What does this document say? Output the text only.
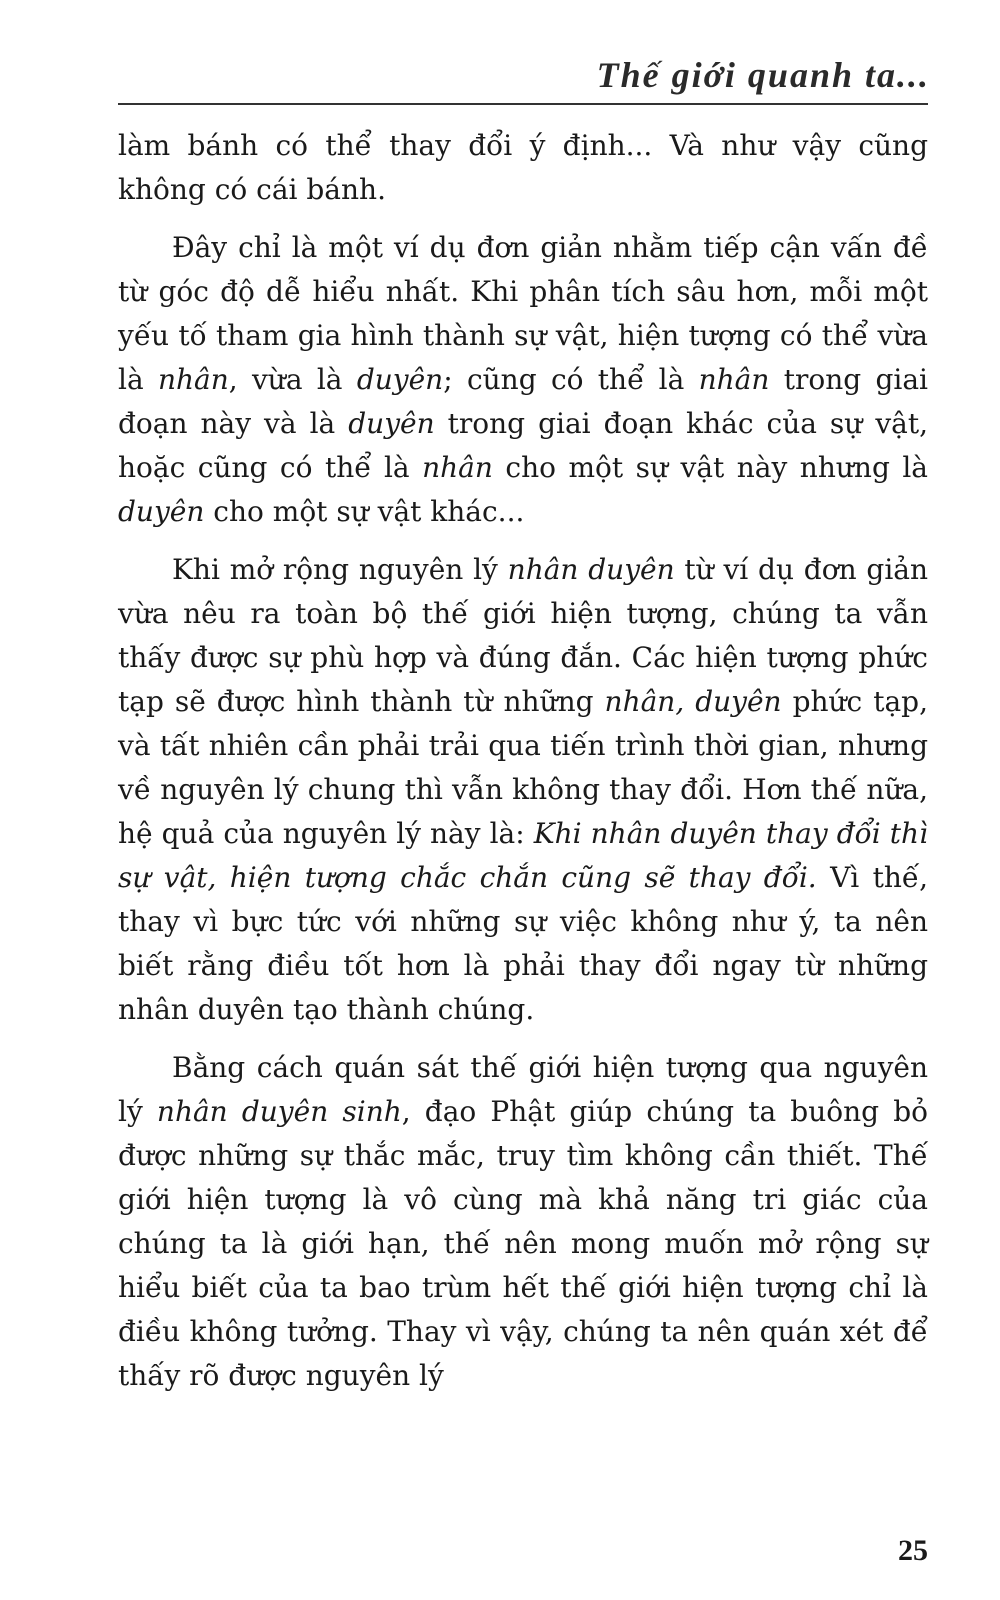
Thế giới quanh ta...

làm bánh có thể thay đổi ý định... Và như vậy cũng không có cái bánh.

Đây chỉ là một ví dụ đơn giản nhằm tiếp cận vấn đề từ góc độ dễ hiểu nhất. Khi phân tích sâu hơn, mỗi một yếu tố tham gia hình thành sự vật, hiện tượng có thể vừa là nhân, vừa là duyên; cũng có thể là nhân trong giai đoạn này và là duyên trong giai đoạn khác của sự vật, hoặc cũng có thể là nhân cho một sự vật này nhưng là duyên cho một sự vật khác...

Khi mở rộng nguyên lý nhân duyên từ ví dụ đơn giản vừa nêu ra toàn bộ thế giới hiện tượng, chúng ta vẫn thấy được sự phù hợp và đúng đắn. Các hiện tượng phức tạp sẽ được hình thành từ những nhân, duyên phức tạp, và tất nhiên cần phải trải qua tiến trình thời gian, nhưng về nguyên lý chung thì vẫn không thay đổi. Hơn thế nữa, hệ quả của nguyên lý này là: Khi nhân duyên thay đổi thì sự vật, hiện tượng chắc chắn cũng sẽ thay đổi. Vì thế, thay vì bực tức với những sự việc không như ý, ta nên biết rằng điều tốt hơn là phải thay đổi ngay từ những nhân duyên tạo thành chúng.

Bằng cách quán sát thế giới hiện tượng qua nguyên lý nhân duyên sinh, đạo Phật giúp chúng ta buông bỏ được những sự thắc mắc, truy tìm không cần thiết. Thế giới hiện tượng là vô cùng mà khả năng tri giác của chúng ta là giới hạn, thế nên mong muốn mở rộng sự hiểu biết của ta bao trùm hết thế giới hiện tượng chỉ là điều không tưởng. Thay vì vậy, chúng ta nên quán xét để thấy rõ được nguyên lý

25
